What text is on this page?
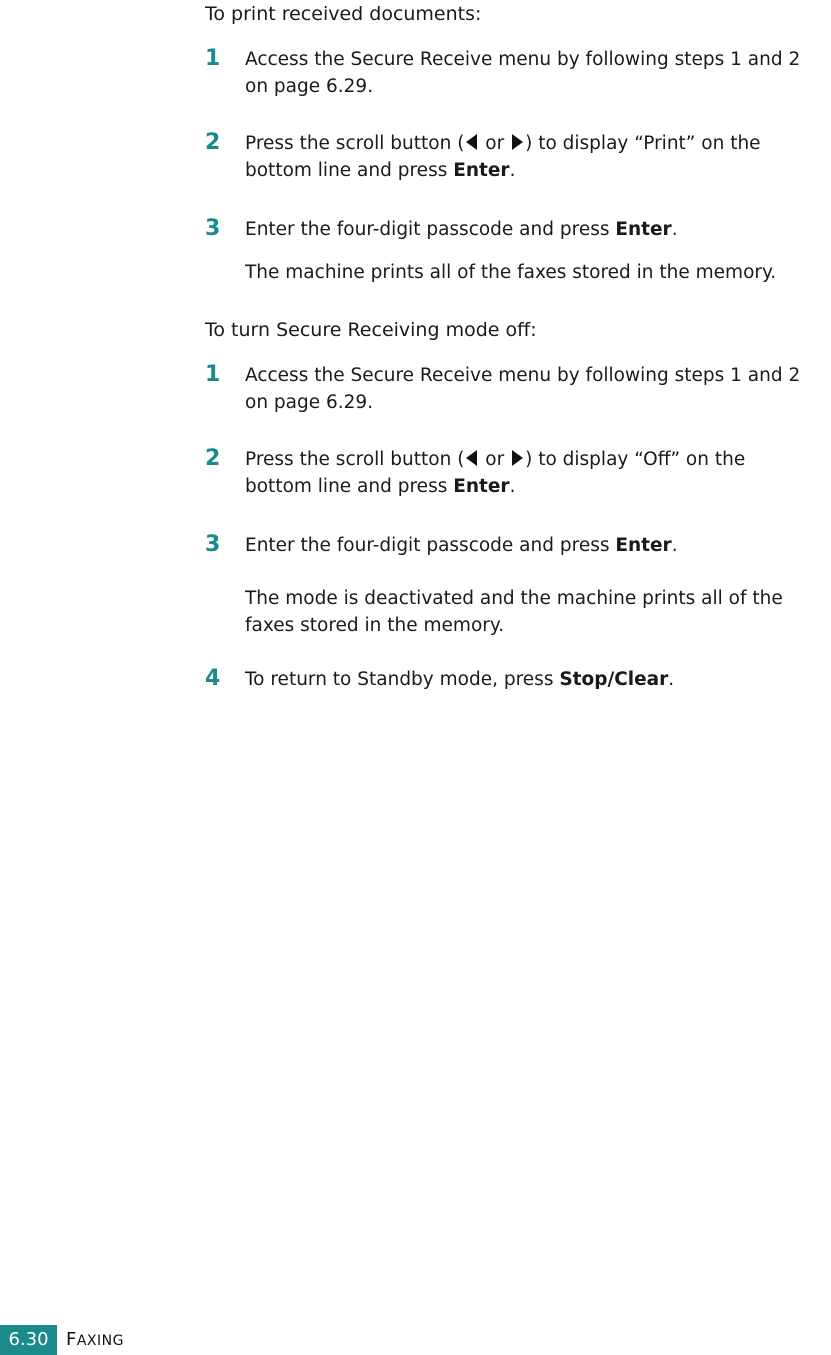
To print received documents:
1 Access the Secure Receive menu by following steps 1 and 2
on page 6.29.
2 Press the scroll button ( or ) to display “Print” on the
bottom line and press Enter.
3 Enter the four-digit passcode and press Enter.
The machine prints all of the faxes stored in the memory.
To turn Secure Receiving mode off:
1 Access the Secure Receive menu by following steps 1 and 2
on page 6.29.
2 Press the scroll button ( or ) to display “Off” on the
bottom line and press Enter.
3 Enter the four-digit passcode and press Enter.
The mode is deactivated and the machine prints all of the
faxes stored in the memory.
4 To return to Standby mode, press Stop/Clear.
6.30 FAXING
